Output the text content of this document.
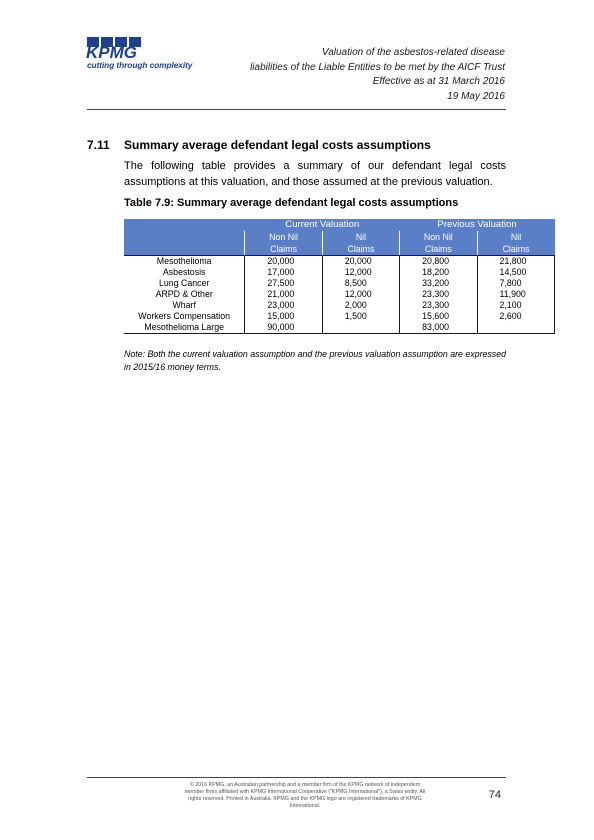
KPMG
cutting through complexity
Valuation of the asbestos-related disease
liabilities of the Liable Entities to be met by the AICF Trust
Effective as at 31 March 2016
19 May 2016
7.11 Summary average defendant legal costs assumptions

The following table provides a summary of our defendant legal costs assumptions at this valuation, and those assumed at the previous valuation.

Table 7.9: Summary average defendant legal costs assumptions
	Current Valuation		Previous Valuation	
	Non Nil	Nil	Non Nil	Nil
	Claims	Claims	Claims	Claims
Mesothelioma	20,000	20,000	20,800	21,800
Asbestosis	17,000	12,000	18,200	14,500
Lung Cancer	27,500	8,500	33,200	7,800
ARPD & Other	21,000	12,000	23,300	11,900
Wharf	23,000	2,000	23,300	2,100
Workers Compensation	15,000	1,500	15,600	2,600
Mesothelioma Large	90,000		83,000	

Note: Both the current valuation assumption and the previous valuation assumption are expressed in 2015/16 money terms.

© 2016 KPMG, an Australian partnership and a member firm of the KPMG network of independent member firms affiliated with KPMG International Cooperative ("KPMG International"), a Swiss entity. All rights reserved. Printed in Australia. KPMG and the KPMG logo are registered trademarks of KPMG International.
74
